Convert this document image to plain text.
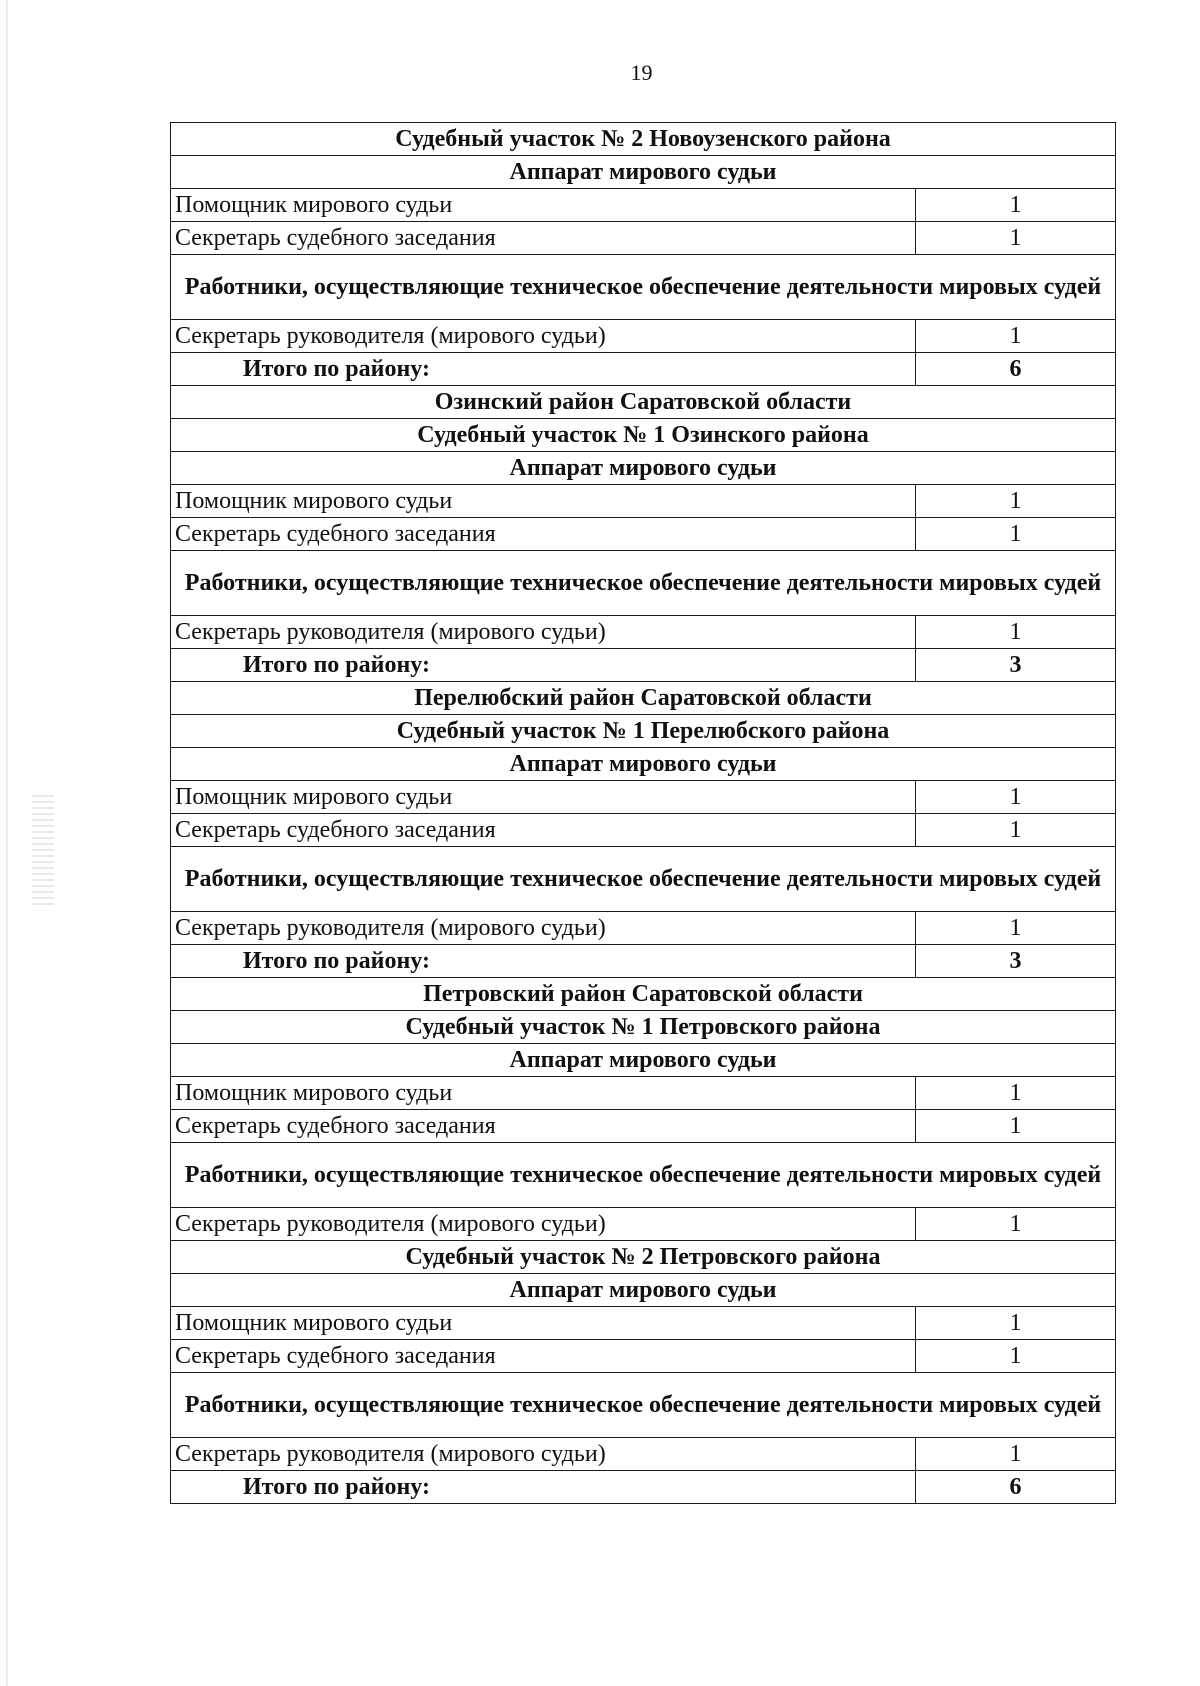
19
Судебный участок № 2 Новоузенского района	
Аппарат мирового судьи	
Помощник мирового судьи	1
Секретарь судебного заседания	1
Работники, осуществляющие техническое обеспечение деятельности мировых судей	
Секретарь руководителя (мирового судьи)	1
Итого по району:	6
Озинский район Саратовской области	
Судебный участок № 1 Озинского района	
Аппарат мирового судьи	
Помощник мирового судьи	1
Секретарь судебного заседания	1
Работники, осуществляющие техническое обеспечение деятельности мировых судей	
Секретарь руководителя (мирового судьи)	1
Итого по району:	3
Перелюбский район Саратовской области	
Судебный участок № 1 Перелюбского района	
Аппарат мирового судьи	
Помощник мирового судьи	1
Секретарь судебного заседания	1
Работники, осуществляющие техническое обеспечение деятельности мировых судей	
Секретарь руководителя (мирового судьи)	1
Итого по району:	3
Петровский район Саратовской области	
Судебный участок № 1 Петровского района	
Аппарат мирового судьи	
Помощник мирового судьи	1
Секретарь судебного заседания	1
Работники, осуществляющие техническое обеспечение деятельности мировых судей	
Секретарь руководителя (мирового судьи)	1
Судебный участок № 2 Петровского района	
Аппарат мирового судьи	
Помощник мирового судьи	1
Секретарь судебного заседания	1
Работники, осуществляющие техническое обеспечение деятельности мировых судей	
Секретарь руководителя (мирового судьи)	1
Итого по району:	6
